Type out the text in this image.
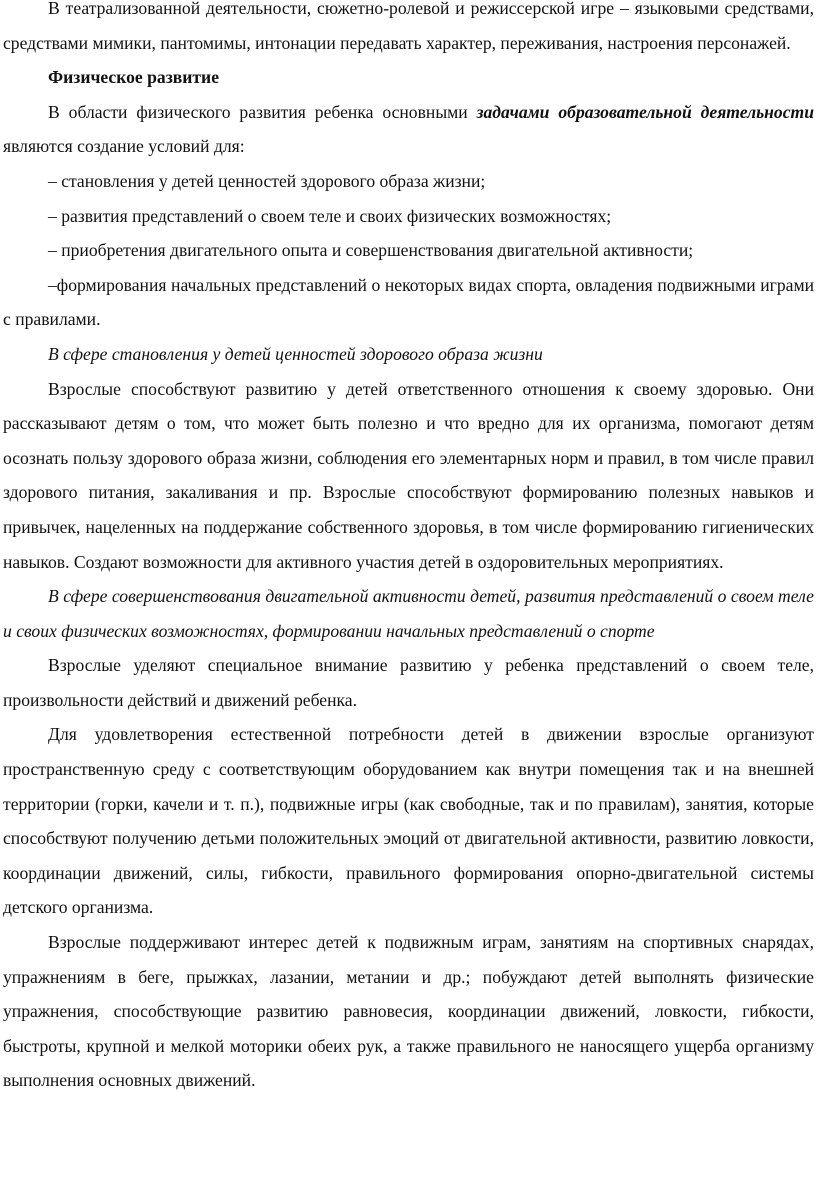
В театрализованной деятельности, сюжетно-ролевой и режиссерской игре – языковыми средствами, средствами мимики, пантомимы, интонации передавать характер, переживания, настроения персонажей.

Физическое развитие

В области физического развития ребенка основными задачами образовательной деятельности являются создание условий для:

– становления у детей ценностей здорового образа жизни;

– развития представлений о своем теле и своих физических возможностях;

– приобретения двигательного опыта и совершенствования двигательной активности;

–формирования начальных представлений о некоторых видах спорта, овладения подвижными играми с правилами.

В сфере становления у детей ценностей здорового образа жизни

Взрослые способствуют развитию у детей ответственного отношения к своему здоровью. Они рассказывают детям о том, что может быть полезно и что вредно для их организма, помогают детям осознать пользу здорового образа жизни, соблюдения его элементарных норм и правил, в том числе правил здорового питания, закаливания и пр. Взрослые способствуют формированию полезных навыков и привычек, нацеленных на поддержание собственного здоровья, в том числе формированию гигиенических навыков. Создают возможности для активного участия детей в оздоровительных мероприятиях.

В сфере совершенствования двигательной активности детей, развития представлений о своем теле и своих физических возможностях, формировании начальных представлений о спорте

Взрослые уделяют специальное внимание развитию у ребенка представлений о своем теле, произвольности действий и движений ребенка.

Для удовлетворения естественной потребности детей в движении взрослые организуют пространственную среду с соответствующим оборудованием как внутри помещения так и на внешней территории (горки, качели и т. п.), подвижные игры (как свободные, так и по правилам), занятия, которые способствуют получению детьми положительных эмоций от двигательной активности, развитию ловкости, координации движений, силы, гибкости, правильного формирования опорно-двигательной системы детского организма.

Взрослые поддерживают интерес детей к подвижным играм, занятиям на спортивных снарядах, упражнениям в беге, прыжках, лазании, метании и др.; побуждают детей выполнять физические упражнения, способствующие развитию равновесия, координации движений, ловкости, гибкости, быстроты, крупной и мелкой моторики обеих рук, а также правильного не наносящего ущерба организму выполнения основных движений.
